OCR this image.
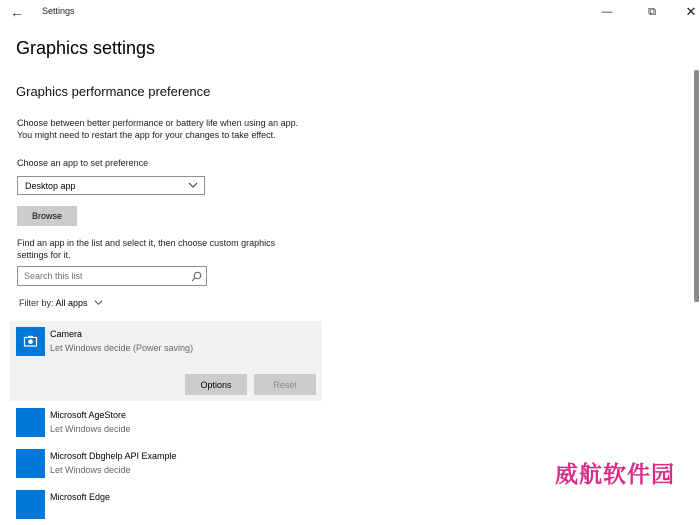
← Settings	—	⧉	✕
Graphics settings
Graphics performance preference
Choose between better performance or battery life when using an app.
You might need to restart the app for your changes to take effect.
Choose an app to set preference
Desktop app
Browse
Find an app in the list and select it, then choose custom graphics
settings for it.
Search this list
Filter by: All apps
Camera
Let Windows decide (Power saving)
Options	Reset
Microsoft AgeStore
Let Windows decide
Microsoft Dbghelp API Example
Let Windows decide
Microsoft Edge
威航软件园
